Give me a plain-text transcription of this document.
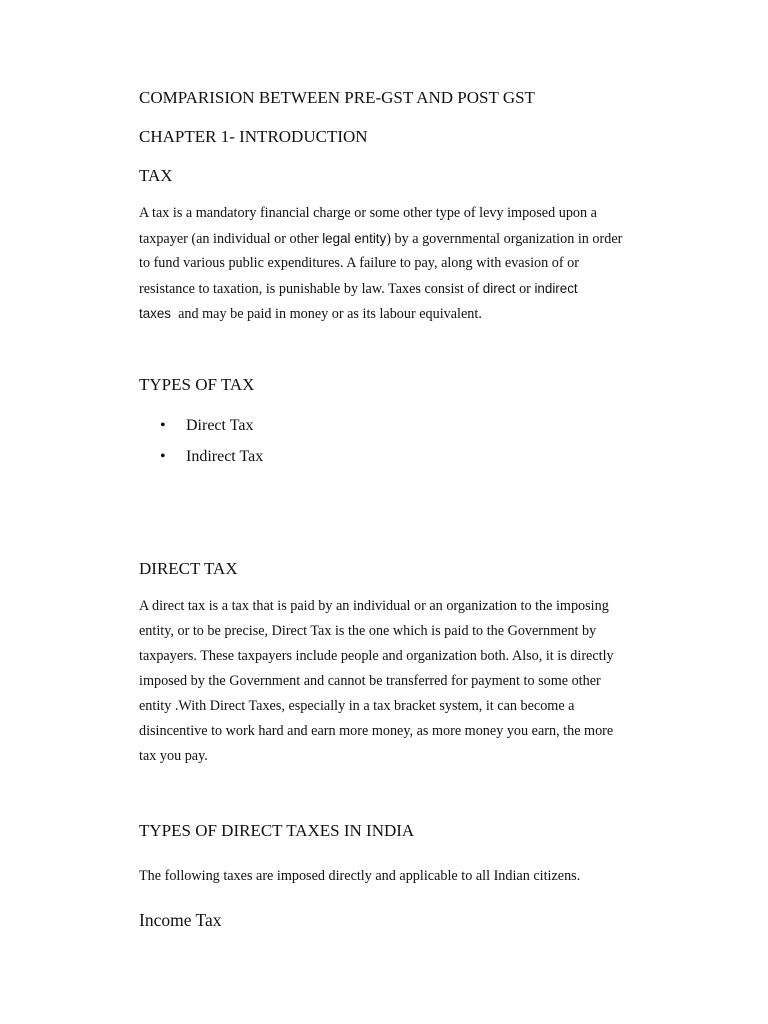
COMPARISION BETWEEN PRE-GST AND POST GST
CHAPTER 1- INTRODUCTION
TAX
A tax is a mandatory financial charge or some other type of levy imposed upon a
taxpayer (an individual or other legal entity) by a governmental organization in order
to fund various public expenditures. A failure to pay, along with evasion of or
resistance to taxation, is punishable by law. Taxes consist of direct or indirect
taxes  and may be paid in money or as its labour equivalent.
TYPES OF TAX
• Direct Tax
• Indirect Tax
DIRECT TAX
A direct tax is a tax that is paid by an individual or an organization to the imposing
entity, or to be precise, Direct Tax is the one which is paid to the Government by
taxpayers. These taxpayers include people and organization both. Also, it is directly
imposed by the Government and cannot be transferred for payment to some other
entity .With Direct Taxes, especially in a tax bracket system, it can become a
disincentive to work hard and earn more money, as more money you earn, the more
tax you pay.
TYPES OF DIRECT TAXES IN INDIA
The following taxes are imposed directly and applicable to all Indian citizens.
Income Tax
